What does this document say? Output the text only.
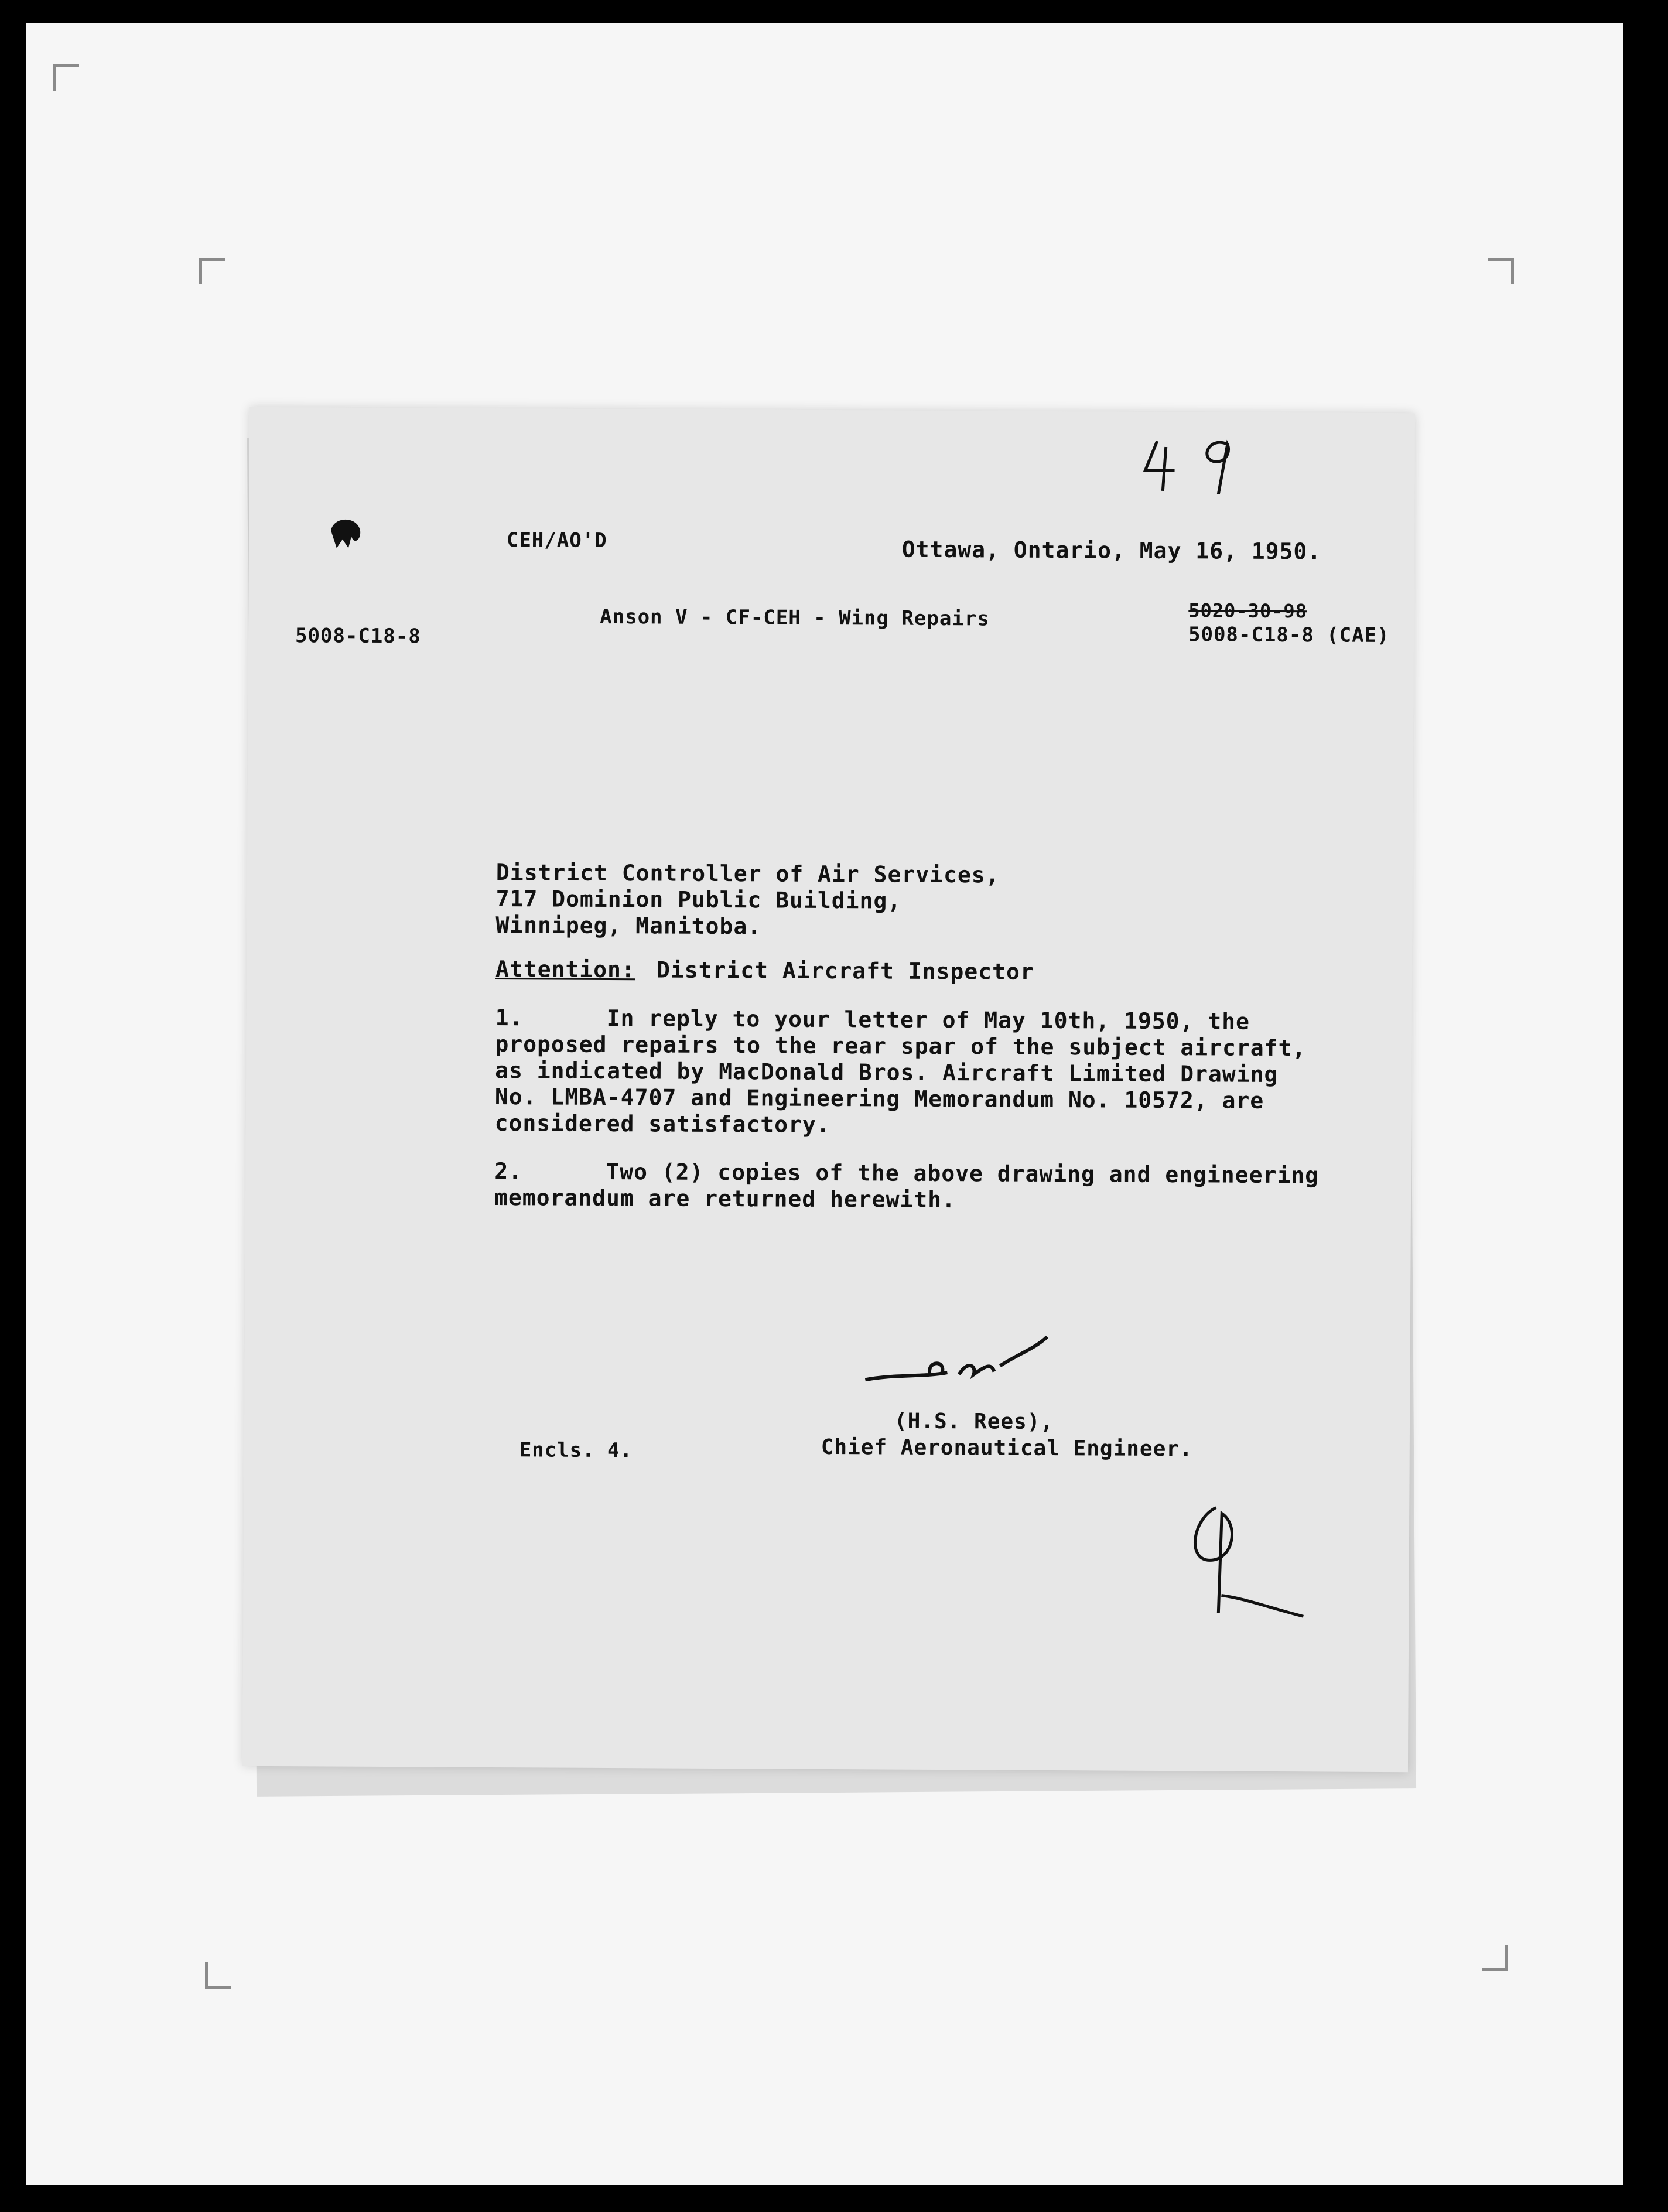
CEH/AO'D	Ottawa, Ontario, May 16, 1950.
5008-C18-8
Anson V - CF-CEH - Wing Repairs	5020-30-98
5008-C18-8 (CAE)
District Controller of Air Services,
717 Dominion Public Building,
Winnipeg, Manitoba.
Attention: District Aircraft Inspector
1.	In reply to your letter of May 10th, 1950, the
proposed repairs to the rear spar of the subject aircraft,
as indicated by MacDonald Bros. Aircraft Limited Drawing
No. LMBA-4707 and Engineering Memorandum No. 10572, are
considered satisfactory.
2.	Two (2) copies of the above drawing and engineering
memorandum are returned herewith.
(H.S. Rees),
Chief Aeronautical Engineer.
Encls. 4.
